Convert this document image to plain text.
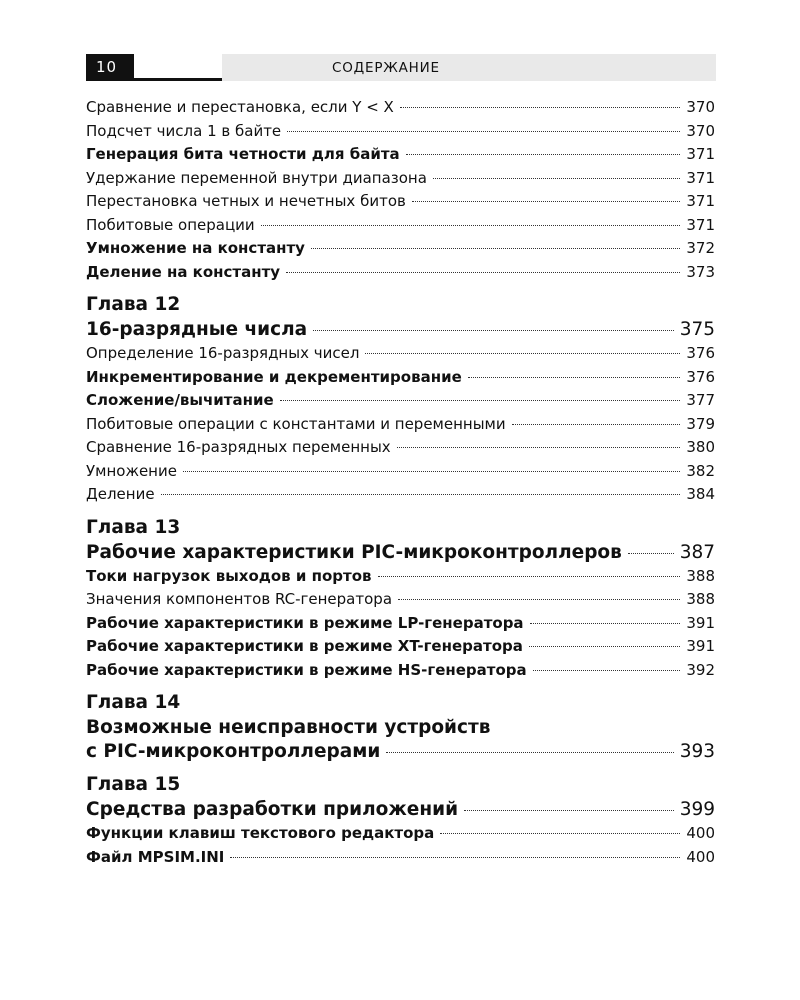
10	СОДЕРЖАНИЕ
Сравнение и перестановка, если Y < X	370
Подсчет числа 1 в байте	370
Генерация бита четности для байта	371
Удержание переменной внутри диапазона	371
Перестановка четных и нечетных битов	371
Побитовые операции	371
Умножение на константу	372
Деление на константу	373
Глава 12
16-разрядные числа	375
Определение 16-разрядных чисел	376
Инкрементирование и декрементирование	376
Сложение/вычитание	377
Побитовые операции с константами и переменными	379
Сравнение 16-разрядных переменных	380
Умножение	382
Деление	384
Глава 13
Рабочие характеристики PIC-микроконтроллеров	387
Токи нагрузок выходов и портов	388
Значения компонентов RC-генератора	388
Рабочие характеристики в режиме LP-генератора	391
Рабочие характеристики в режиме XT-генератора	391
Рабочие характеристики в режиме HS-генератора	392
Глава 14
Возможные неисправности устройств
с PIC-микроконтроллерами	393
Глава 15
Средства разработки приложений	399
Функции клавиш текстового редактора	400
Файл MPSIM.INI	400
